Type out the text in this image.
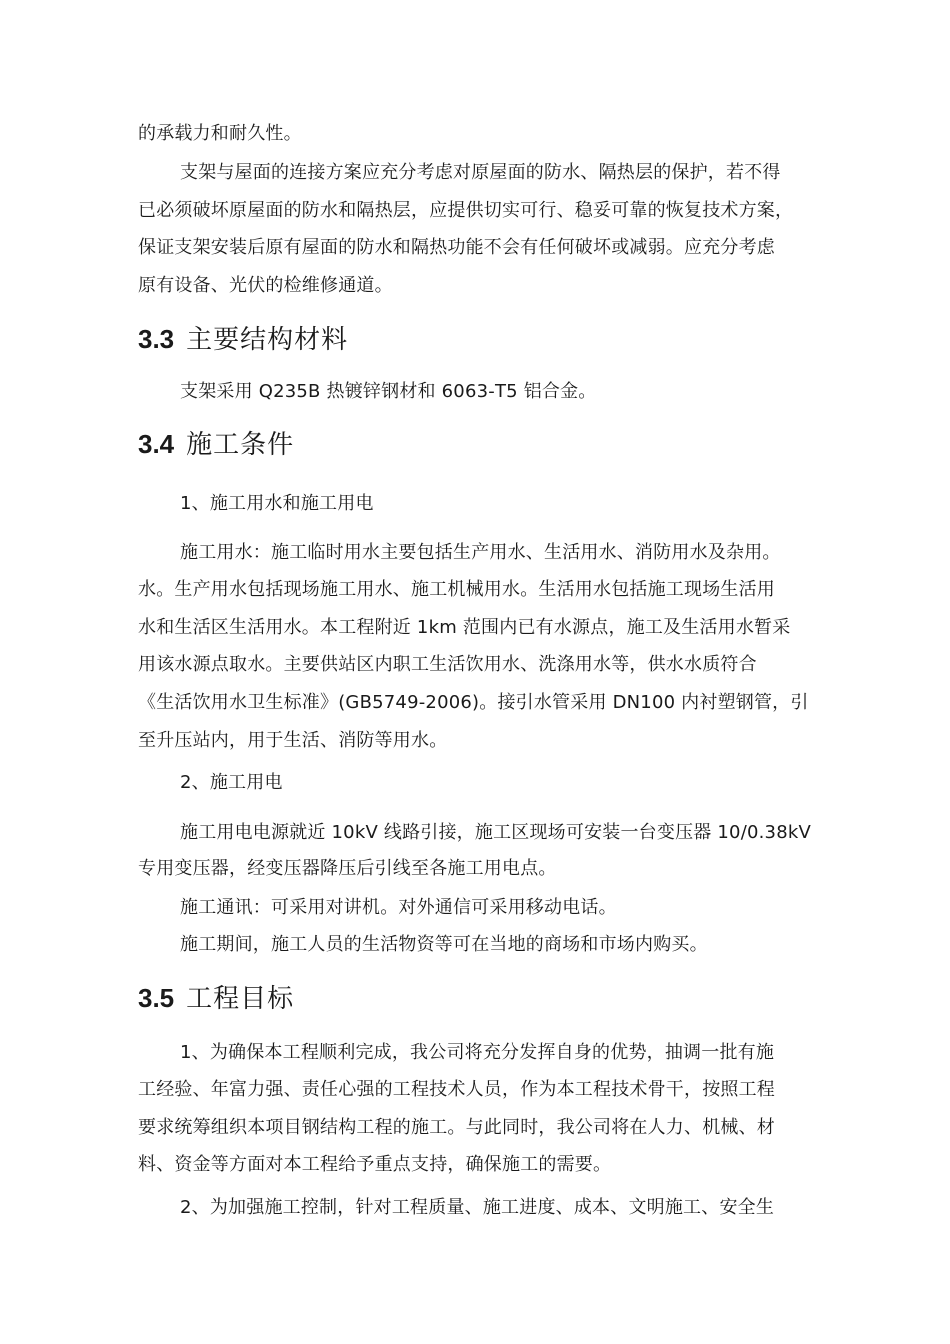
的承载力和耐久性。
支架与屋面的连接方案应充分考虑对原屋面的防水、隔热层的保护，若不得
已必须破坏原屋面的防水和隔热层，应提供切实可行、稳妥可靠的恢复技术方案，
保证支架安装后原有屋面的防水和隔热功能不会有任何破坏或减弱。应充分考虑
原有设备、光伏的检维修通道。
3.3 主要结构材料
支架采用 Q235B 热镀锌钢材和 6063-T5 铝合金。
3.4 施工条件
1、施工用水和施工用电
施工用水：施工临时用水主要包括生产用水、生活用水、消防用水及杂用。
水。生产用水包括现场施工用水、施工机械用水。生活用水包括施工现场生活用
水和生活区生活用水。本工程附近 1km 范围内已有水源点，施工及生活用水暂采
用该水源点取水。主要供站区内职工生活饮用水、洗涤用水等，供水水质符合
《生活饮用水卫生标准》(GB5749-2006)。接引水管采用 DN100 内衬塑钢管，引
至升压站内，用于生活、消防等用水。
2、施工用电
施工用电电源就近 10kV 线路引接，施工区现场可安装一台变压器 10/0.38kV
专用变压器，经变压器降压后引线至各施工用电点。
施工通讯：可采用对讲机。对外通信可采用移动电话。
施工期间，施工人员的生活物资等可在当地的商场和市场内购买。
3.5 工程目标
1、为确保本工程顺利完成，我公司将充分发挥自身的优势，抽调一批有施
工经验、年富力强、责任心强的工程技术人员，作为本工程技术骨干，按照工程
要求统筹组织本项目钢结构工程的施工。与此同时，我公司将在人力、机械、材
料、资金等方面对本工程给予重点支持，确保施工的需要。
2、为加强施工控制，针对工程质量、施工进度、成本、文明施工、安全生
